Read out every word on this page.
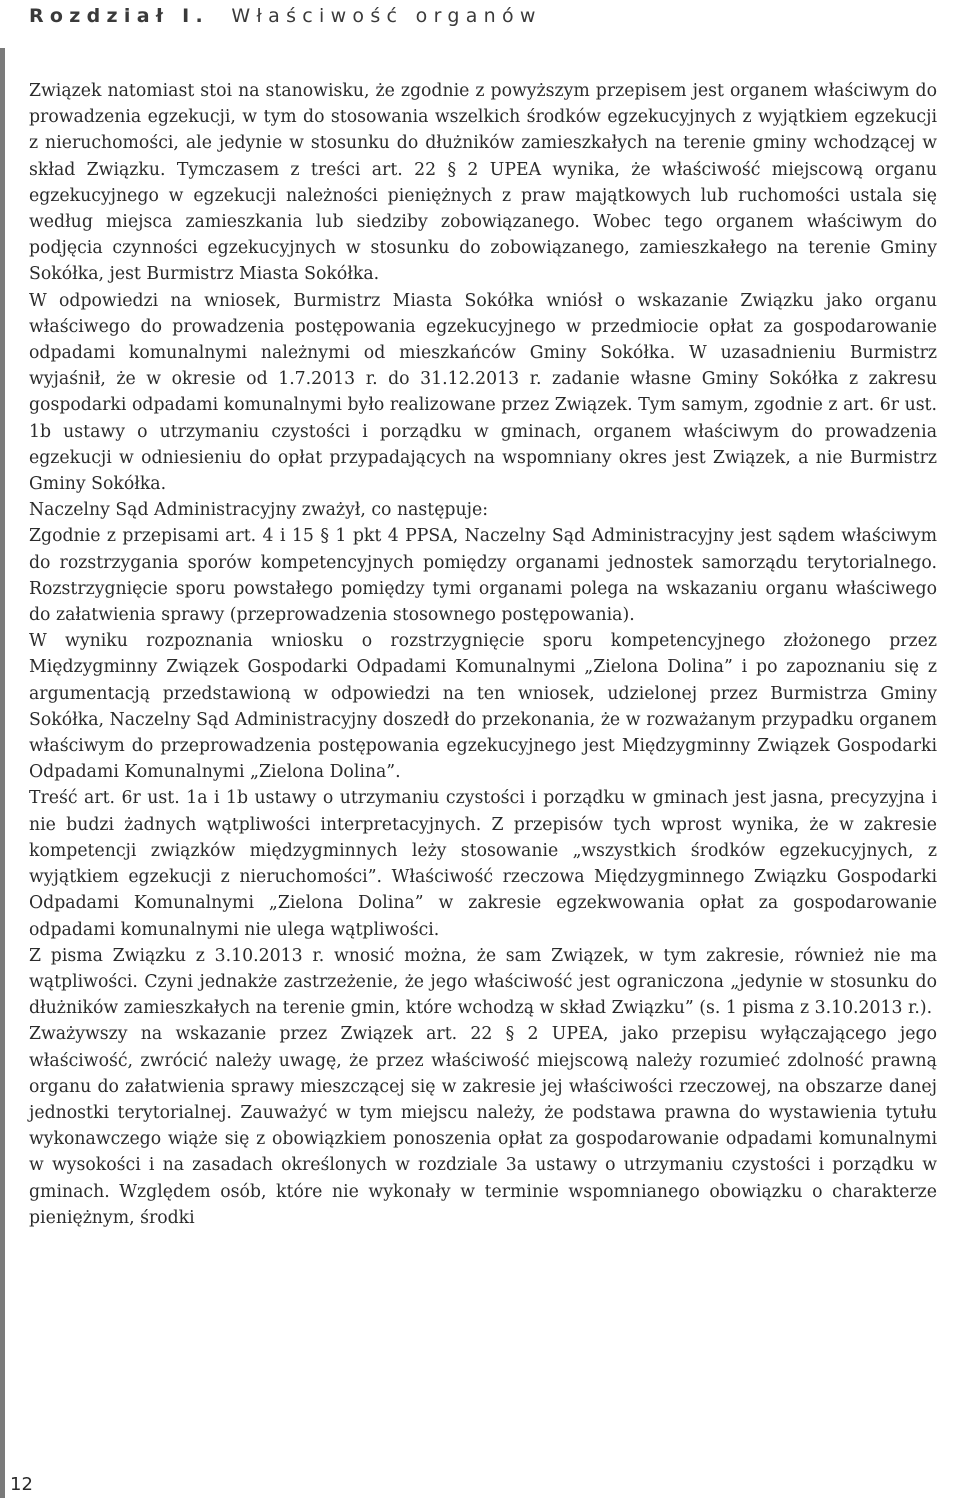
Rozdział I. Właściwość organów

Związek natomiast stoi na stanowisku, że zgodnie z powyższym przepisem jest organem właściwym do prowadzenia egzekucji, w tym do stosowania wszelkich środków egzekucyjnych z wyjątkiem egzekucji z nieruchomości, ale jedynie w stosunku do dłużników zamieszkałych na terenie gminy wchodzącej w skład Związku. Tymczasem z treści art. 22 § 2 UPEA wynika, że właściwość miejscową organu egzekucyjnego w egzekucji należności pieniężnych z praw majątkowych lub ruchomości ustala się według miejsca zamieszkania lub siedziby zobowiązanego. Wobec tego organem właściwym do podjęcia czynności egzekucyjnych w stosunku do zobowiązanego, zamieszkałego na terenie Gminy Sokółka, jest Burmistrz Miasta Sokółka.

W odpowiedzi na wniosek, Burmistrz Miasta Sokółka wniósł o wskazanie Związku jako organu właściwego do prowadzenia postępowania egzekucyjnego w przedmiocie opłat za gospodarowanie odpadami komunalnymi należnymi od mieszkańców Gminy Sokółka. W uzasadnieniu Burmistrz wyjaśnił, że w okresie od 1.7.2013 r. do 31.12.2013 r. zadanie własne Gminy Sokółka z zakresu gospodarki odpadami komunalnymi było realizowane przez Związek. Tym samym, zgodnie z art. 6r ust. 1b ustawy o utrzymaniu czystości i porządku w gminach, organem właściwym do prowadzenia egzekucji w odniesieniu do opłat przypadających na wspomniany okres jest Związek, a nie Burmistrz Gminy Sokółka.

Naczelny Sąd Administracyjny zważył, co następuje:

Zgodnie z przepisami art. 4 i 15 § 1 pkt 4 PPSA, Naczelny Sąd Administracyjny jest sądem właściwym do rozstrzygania sporów kompetencyjnych pomiędzy organami jednostek samorządu terytorialnego. Rozstrzygnięcie sporu powstałego pomiędzy tymi organami polega na wskazaniu organu właściwego do załatwienia sprawy (przeprowadzenia stosownego postępowania).

W wyniku rozpoznania wniosku o rozstrzygnięcie sporu kompetencyjnego złożonego przez Międzygminny Związek Gospodarki Odpadami Komunalnymi „Zielona Dolina” i po zapoznaniu się z argumentacją przedstawioną w odpowiedzi na ten wniosek, udzielonej przez Burmistrza Gminy Sokółka, Naczelny Sąd Administracyjny doszedł do przekonania, że w rozważanym przypadku organem właściwym do przeprowadzenia postępowania egzekucyjnego jest Międzygminny Związek Gospodarki Odpadami Komunalnymi „Zielona Dolina”.

Treść art. 6r ust. 1a i 1b ustawy o utrzymaniu czystości i porządku w gminach jest jasna, precyzyjna i nie budzi żadnych wątpliwości interpretacyjnych. Z przepisów tych wprost wynika, że w zakresie kompetencji związków międzygminnych leży stosowanie „wszystkich środków egzekucyjnych, z wyjątkiem egzekucji z nieruchomości”. Właściwość rzeczowa Międzygminnego Związku Gospodarki Odpadami Komunalnymi „Zielona Dolina” w zakresie egzekwowania opłat za gospodarowanie odpadami komunalnymi nie ulega wątpliwości.

Z pisma Związku z 3.10.2013 r. wnosić można, że sam Związek, w tym zakresie, również nie ma wątpliwości. Czyni jednakże zastrzeżenie, że jego właściwość jest ograniczona „jedynie w stosunku do dłużników zamieszkałych na terenie gmin, które wchodzą w skład Związku” (s. 1 pisma z 3.10.2013 r.).

Zważywszy na wskazanie przez Związek art. 22 § 2 UPEA, jako przepisu wyłączającego jego właściwość, zwrócić należy uwagę, że przez właściwość miejscową należy rozumieć zdolność prawną organu do załatwienia sprawy mieszczącej się w zakresie jej właściwości rzeczowej, na obszarze danej jednostki terytorialnej. Zauważyć w tym miejscu należy, że podstawa prawna do wystawienia tytułu wykonawczego wiąże się z obowiązkiem ponoszenia opłat za gospodarowanie odpadami komunalnymi w wysokości i na zasadach określonych w rozdziale 3a ustawy o utrzymaniu czystości i porządku w gminach. Względem osób, które nie wykonały w terminie wspomnianego obowiązku o charakterze pieniężnym, środki

12
